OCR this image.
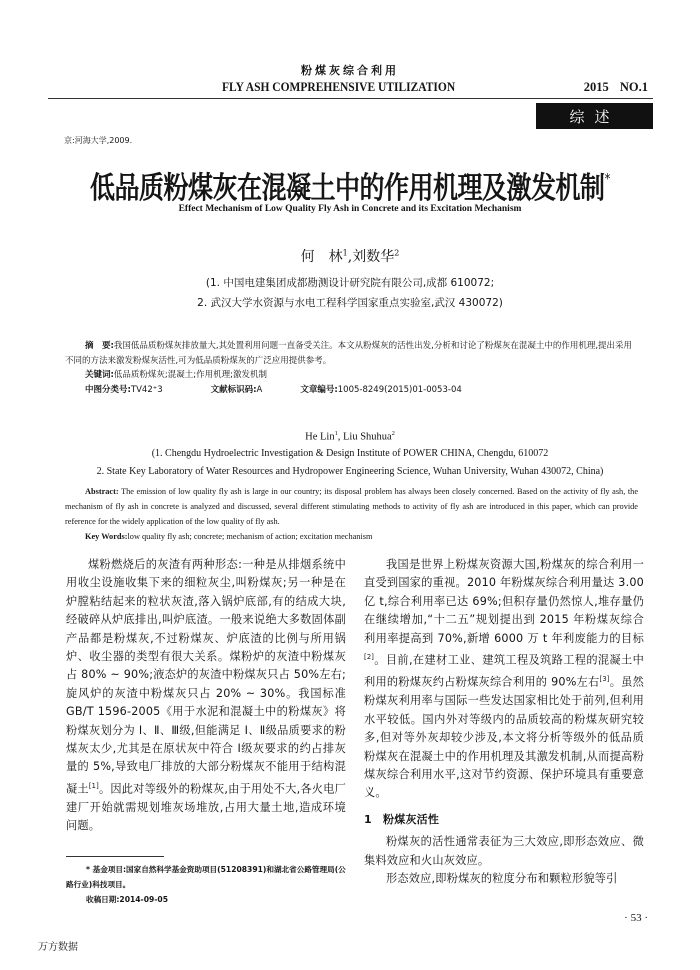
粉煤灰综合利用
FLY ASH COMPREHENSIVE UTILIZATION	2015 NO.1
综述
京:河海大学,2009.
低品质粉煤灰在混凝土中的作用机理及激发机制*
Effect Mechanism of Low Quality Fly Ash in Concrete and its Excitation Mechanism
何　林$^1$,刘数华$^2$
(1. 中国电建集团成都勘测设计研究院有限公司,成都 610072;
2. 武汉大学水资源与水电工程科学国家重点实验室,武汉 430072)
摘　要:我国低品质粉煤灰排放量大,其处置利用问题一直备受关注。本文从粉煤灰的活性出发,分析和讨论了粉煤灰在混凝土中的作用机理,提出采用不同的方法来激发粉煤灰活性,可为低品质粉煤灰的广泛应用提供参考。
关键词:低品质粉煤灰;混凝土;作用机理;激发机制
中图分类号:TV42⁺3	文献标识码:A	文章编号:1005-8249(2015)01-0053-04
He Lin$^1$, Liu Shuhua$^2$
(1. Chengdu Hydroelectric Investigation & Design Institute of POWER CHINA, Chengdu, 610072
2. State Key Laboratory of Water Resources and Hydropower Engineering Science, Wuhan University, Wuhan 430072, China)
Abstract: The emission of low quality fly ash is large in our country; its disposal problem has always been closely concerned. Based on the activity of fly ash, the mechanism of fly ash in concrete is analyzed and discussed, several different stimulating methods to activity of fly ash are introduced in this paper, which can provide reference for the widely application of the low quality of fly ash.
Key Words:low quality fly ash; concrete; mechanism of action; excitation mechanism

煤粉燃烧后的灰渣有两种形态:一种是从排烟系统中用收尘设施收集下来的细粒灰尘,叫粉煤灰;另一种是在炉膛粘结起来的粒状灰渣,落入锅炉底部,有的结成大块,经破碎从炉底排出,叫炉底渣。一般来说绝大多数固体副产品都是粉煤灰,不过粉煤灰、炉底渣的比例与所用锅炉、收尘器的类型有很大关系。煤粉炉的灰渣中粉煤灰占 80% ~ 90%;液态炉的灰渣中粉煤灰只占 50%左右;旋风炉的灰渣中粉煤灰只占 20% ~ 30%。我国标准 GB/T 1596-2005《用于水泥和混凝土中的粉煤灰》将粉煤灰划分为 Ⅰ、Ⅱ、Ⅲ级,但能满足 Ⅰ、Ⅱ级品质要求的粉煤灰太少,尤其是在原状灰中符合 Ⅰ级灰要求的约占排灰量的 5%,导致电厂排放的大部分粉煤灰不能用于结构混凝土[1]。因此对等级外的粉煤灰,由于用处不大,各火电厂建厂开始就需规划堆灰场堆放,占用大量土地,造成环境问题。

* 基金项目:国家自然科学基金资助项目(51208391)和湖北省公路管理局(公路行业)科技项目。
收稿日期:2014-09-05

我国是世界上粉煤灰资源大国,粉煤灰的综合利用一直受到国家的重视。2010 年粉煤灰综合利用量达 3.00 亿 t,综合利用率已达 69%;但积存量仍然惊人,堆存量仍在继续增加,“十二五”规划提出到 2015 年粉煤灰综合利用率提高到 70%,新增 6000 万 t 年利废能力的目标[2]。目前,在建材工业、建筑工程及筑路工程的混凝土中利用的粉煤灰约占粉煤灰综合利用的 90%左右[3]。虽然粉煤灰利用率与国际一些发达国家相比处于前列,但利用水平较低。国内外对等级内的品质较高的粉煤灰研究较多,但对等外灰却较少涉及,本文将分析等级外的低品质粉煤灰在混凝土中的作用机理及其激发机制,从而提高粉煤灰综合利用水平,这对节约资源、保护环境具有重要意义。

1　粉煤灰活性

粉煤灰的活性通常表征为三大效应,即形态效应、微集料效应和火山灰效应。

形态效应,即粉煤灰的粒度分布和颗粒形貌等引

· 53 ·
万方数据
